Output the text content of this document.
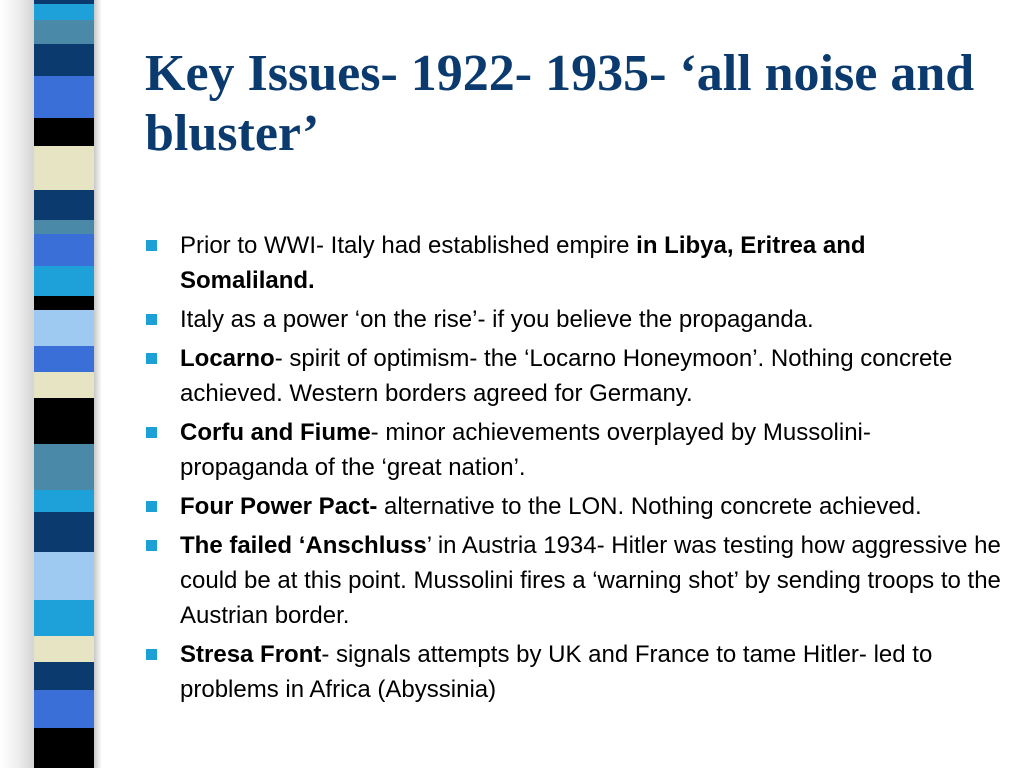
Key Issues- 1922- 1935- ‘all noise and bluster’
Prior to WWI- Italy had established empire in Libya, Eritrea and Somaliland.
Italy as a power ‘on the rise’- if you believe the propaganda.
Locarno- spirit of optimism- the ‘Locarno Honeymoon’. Nothing concrete achieved. Western borders agreed for Germany.
Corfu and Fiume- minor achievements overplayed by Mussolini- propaganda of the ‘great nation’.
Four Power Pact- alternative to the LON. Nothing concrete achieved.
The failed ‘Anschluss’ in Austria 1934- Hitler was testing how aggressive he could be at this point. Mussolini fires a ‘warning shot’ by sending troops to the Austrian border.
Stresa Front- signals attempts by UK and France to tame Hitler- led to problems in Africa (Abyssinia)
